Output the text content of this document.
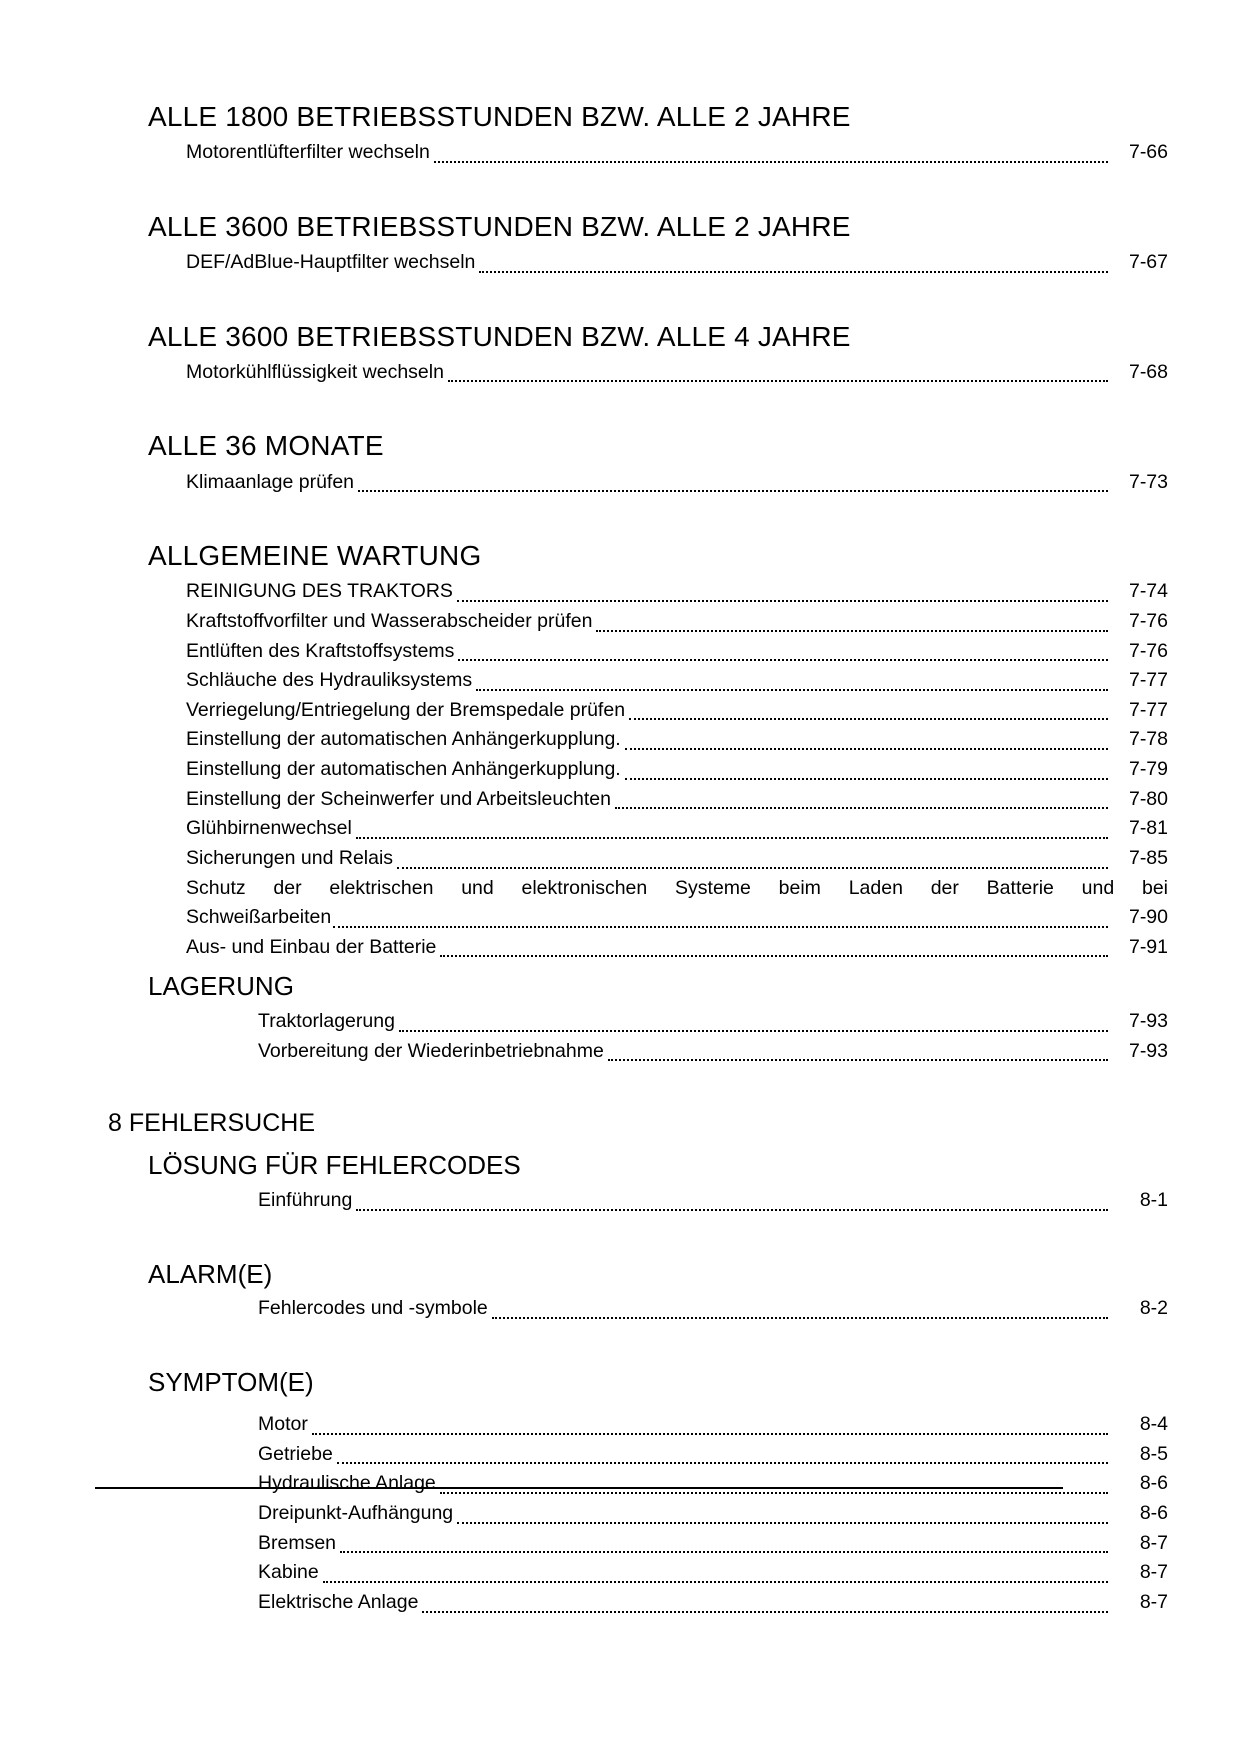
ALLE 1800 BETRIEBSSTUNDEN BZW. ALLE 2 JAHRE
Motorentlüfterfilter wechseln	7-66
ALLE 3600 BETRIEBSSTUNDEN BZW. ALLE 2 JAHRE
DEF/AdBlue-Hauptfilter wechseln	7-67
ALLE 3600 BETRIEBSSTUNDEN BZW. ALLE 4 JAHRE
Motorkühlflüssigkeit wechseln	7-68
ALLE 36 MONATE
Klimaanlage prüfen	7-73
ALLGEMEINE WARTUNG
REINIGUNG DES TRAKTORS	7-74
Kraftstoffvorfilter und Wasserabscheider prüfen	7-76
Entlüften des Kraftstoffsystems	7-76
Schläuche des Hydrauliksystems	7-77
Verriegelung/Entriegelung der Bremspedale prüfen	7-77
Einstellung der automatischen Anhängerkupplung.	7-78
Einstellung der automatischen Anhängerkupplung.	7-79
Einstellung der Scheinwerfer und Arbeitsleuchten	7-80
Glühbirnenwechsel	7-81
Sicherungen und Relais	7-85
Schutz der elektrischen und elektronischen Systeme beim Laden der Batterie und bei
Schweißarbeiten	7-90
Aus- und Einbau der Batterie	7-91
LAGERUNG
Traktorlagerung	7-93
Vorbereitung der Wiederinbetriebnahme	7-93
8 FEHLERSUCHE
LÖSUNG FÜR FEHLERCODES
Einführung	8-1
ALARM(E)
Fehlercodes und -symbole	8-2
SYMPTOM(E)
Motor	8-4
Getriebe	8-5
Hydraulische Anlage	8-6
Dreipunkt-Aufhängung	8-6
Bremsen	8-7
Kabine	8-7
Elektrische Anlage	8-7
